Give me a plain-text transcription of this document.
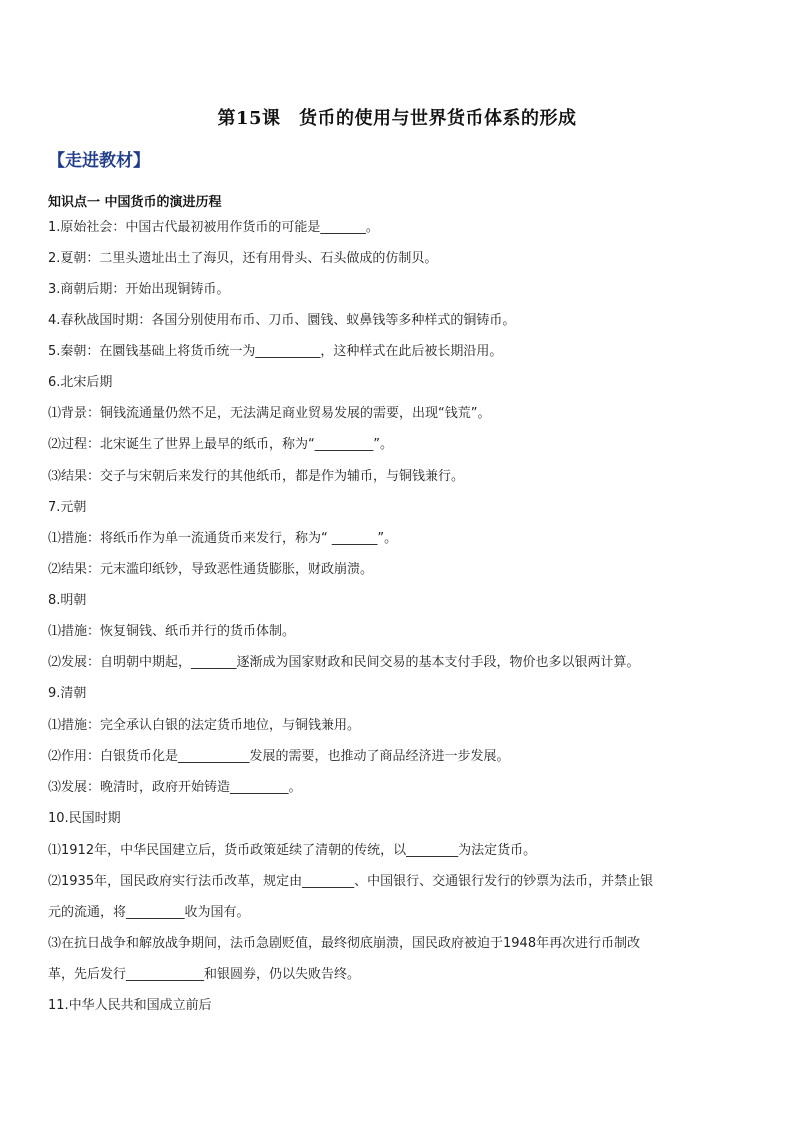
第15课　货币的使用与世界货币体系的形成
【走进教材】
知识点一 中国货币的演进历程
1.原始社会：中国古代最初被用作货币的可能是_______。
2.夏朝：二里头遗址出土了海贝，还有用骨头、石头做成的仿制贝。
3.商朝后期：开始出现铜铸币。
4.春秋战国时期：各国分别使用布币、刀币、圜钱、蚁鼻钱等多种样式的铜铸币。
5.秦朝：在圜钱基础上将货币统一为__________，这种样式在此后被长期沿用。
6.北宋后期
⑴背景：铜钱流通量仍然不足，无法满足商业贸易发展的需要，出现“钱荒”。
⑵过程：北宋诞生了世界上最早的纸币，称为“_________”。
⑶结果：交子与宋朝后来发行的其他纸币，都是作为辅币，与铜钱兼行。
7.元朝
⑴措施：将纸币作为单一流通货币来发行，称为“ _______”。
⑵结果：元末滥印纸钞，导致恶性通货膨胀，财政崩溃。
8.明朝
⑴措施：恢复铜钱、纸币并行的货币体制。
⑵发展：自明朝中期起，_______逐渐成为国家财政和民间交易的基本支付手段，物价也多以银两计算。
9.清朝
⑴措施：完全承认白银的法定货币地位，与铜钱兼用。
⑵作用：白银货币化是___________发展的需要，也推动了商品经济进一步发展。
⑶发展：晚清时，政府开始铸造_________。
10.民国时期
⑴1912年，中华民国建立后，货币政策延续了清朝的传统，以________为法定货币。
⑵1935年，国民政府实行法币改革，规定由________、中国银行、交通银行发行的钞票为法币，并禁止银
元的流通，将_________收为国有。
⑶在抗日战争和解放战争期间，法币急剧贬值，最终彻底崩溃，国民政府被迫于1948年再次进行币制改
革，先后发行____________和银圆券，仍以失败告终。
11.中华人民共和国成立前后
